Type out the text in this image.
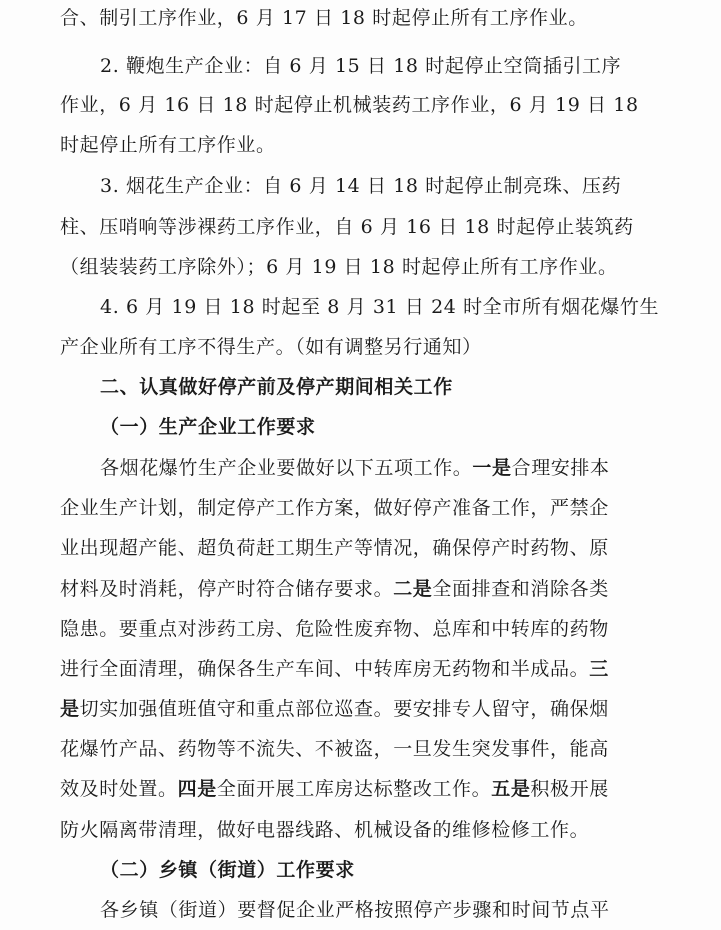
合、制引工序作业，6 月 17 日 18 时起停止所有工序作业。
2. 鞭炮生产企业：自 6 月 15 日 18 时起停止空筒插引工序
作业，6 月 16 日 18 时起停止机械装药工序作业，6 月 19 日 18
时起停止所有工序作业。
3. 烟花生产企业：自 6 月 14 日 18 时起停止制亮珠、压药
柱、压哨响等涉裸药工序作业，自 6 月 16 日 18 时起停止装筑药
（组装装药工序除外）；6 月 19 日 18 时起停止所有工序作业。
4. 6 月 19 日 18 时起至 8 月 31 日 24 时全市所有烟花爆竹生
产企业所有工序不得生产。（如有调整另行通知）
二、认真做好停产前及停产期间相关工作
（一）生产企业工作要求
各烟花爆竹生产企业要做好以下五项工作。一是合理安排本
企业生产计划，制定停产工作方案，做好停产准备工作，严禁企
业出现超产能、超负荷赶工期生产等情况，确保停产时药物、原
材料及时消耗，停产时符合储存要求。二是全面排查和消除各类
隐患。要重点对涉药工房、危险性废弃物、总库和中转库的药物
进行全面清理，确保各生产车间、中转库房无药物和半成品。三
是切实加强值班值守和重点部位巡查。要安排专人留守，确保烟
花爆竹产品、药物等不流失、不被盗，一旦发生突发事件，能高
效及时处置。四是全面开展工库房达标整改工作。五是积极开展
防火隔离带清理，做好电器线路、机械设备的维修检修工作。
（二）乡镇（街道）工作要求
各乡镇（街道）要督促企业严格按照停产步骤和时间节点平
